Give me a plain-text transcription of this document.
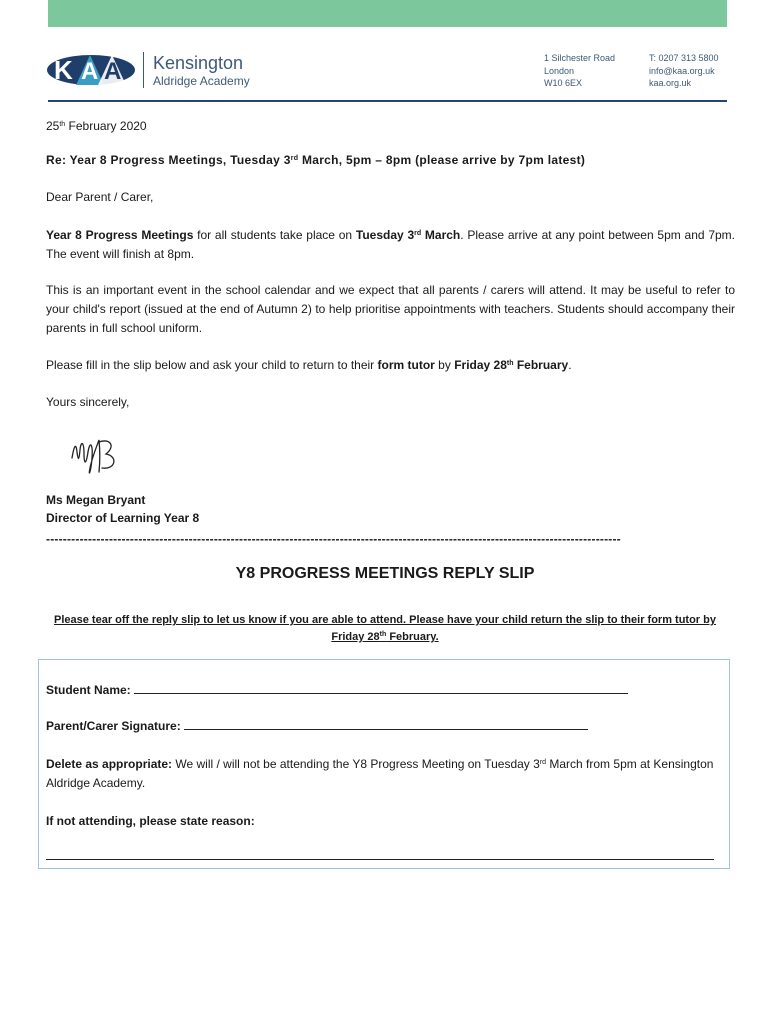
K A A Kensington
Aldridge Academy
1 Silchester Road
London
W10 6EX
T: 0207 313 5800
info@kaa.org.uk
kaa.org.uk

25th February 2020

Re: Year 8 Progress Meetings, Tuesday 3rd March, 5pm – 8pm (please arrive by 7pm latest)

Dear Parent / Carer,

Year 8 Progress Meetings for all students take place on Tuesday 3rd March. Please arrive at any point between 5pm and 7pm. The event will finish at 8pm.

This is an important event in the school calendar and we expect that all parents / carers will attend. It may be useful to refer to your child's report (issued at the end of Autumn 2) to help prioritise appointments with teachers. Students should accompany their parents in full school uniform.

Please fill in the slip below and ask your child to return to their form tutor by Friday 28th February.

Yours sincerely,

Ms Megan Bryant

Director of Learning Year 8

-----------------------------------------------------------------------------------------------------------------------------------------
Y8 PROGRESS MEETINGS REPLY SLIP
Please tear off the reply slip to let us know if you are able to attend. Please have your child return the slip to their form tutor by Friday 28th February.

Student Name:

Parent/Carer Signature:

Delete as appropriate: We will / will not be attending the Y8 Progress Meeting on Tuesday 3rd March from 5pm at Kensington Aldridge Academy.

If not attending, please state reason:
